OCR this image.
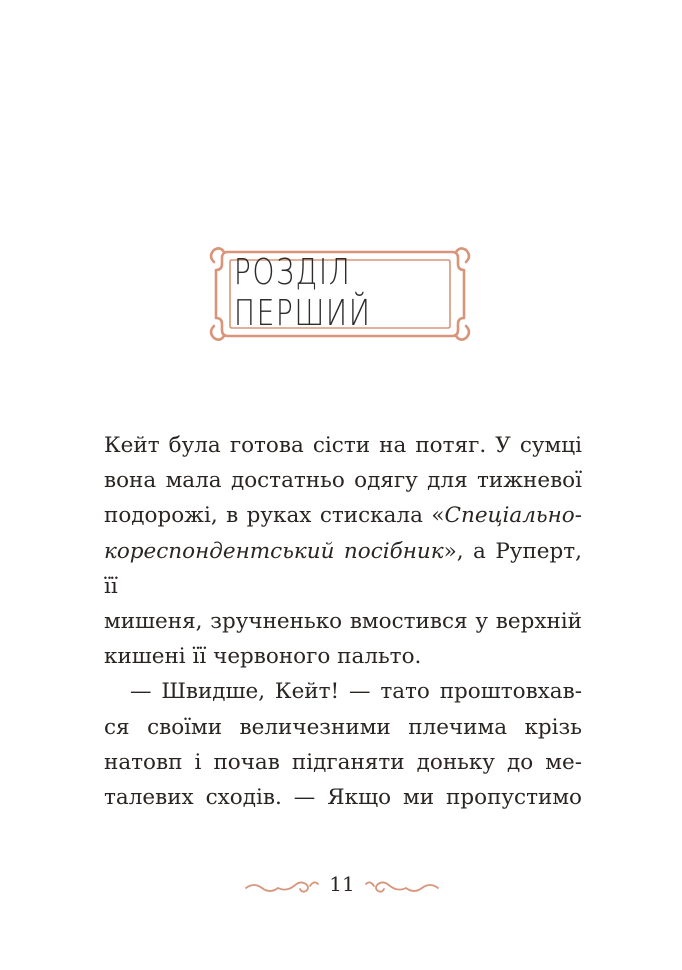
РОЗДІЛ ПЕРШИЙ

Кейт була готова сісти на потяг. У сумці
вона мала достатньо одягу для тижневої
подорожі, в руках стискала «Спеціально-
кореспондентський посібник», а Руперт, її
мишеня, зручненько вмостився у верхній
кишені її червоного пальто.

— Швидше, Кейт! — тато проштовхав-
ся своїми величезними плечима крізь
натовп і почав підганяти доньку до ме-
талевих сходів. — Якщо ми пропустимо

11
